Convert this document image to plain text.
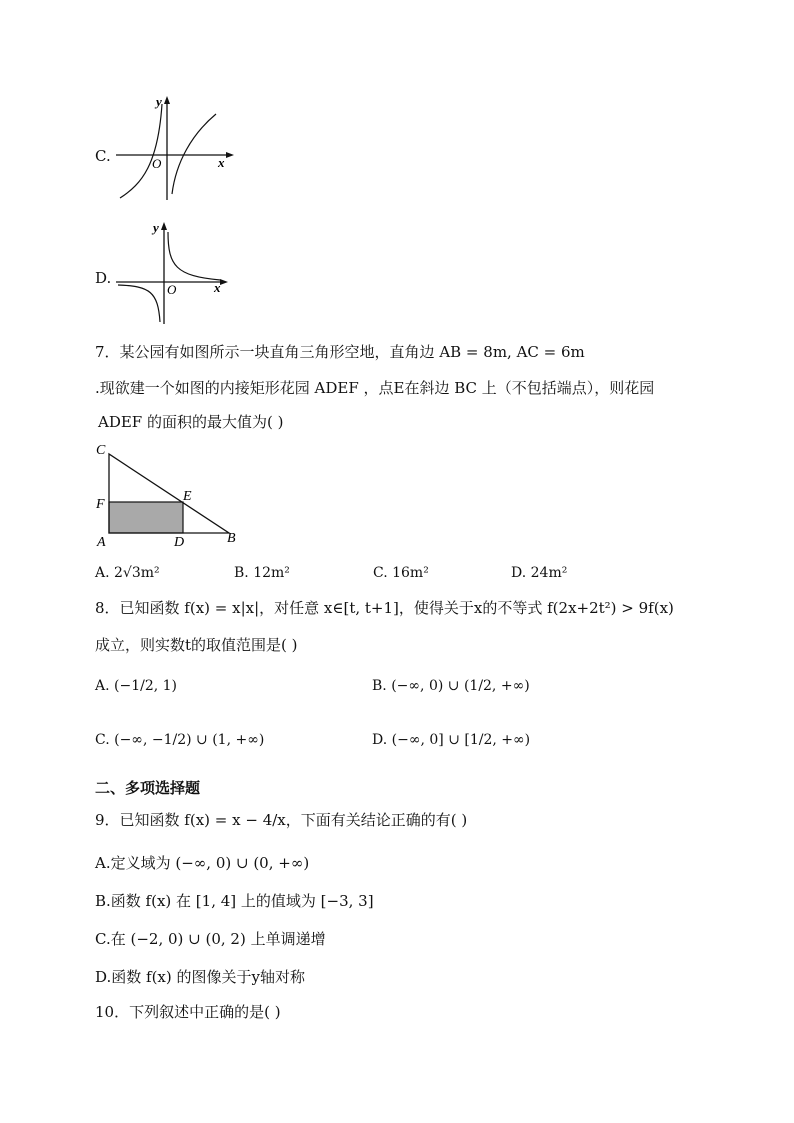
C.
y
x
O
D.
y
x
O
7．某公园有如图所示一块直角三角形空地，直角边 AB = 8m, AC = 6m
.现欲建一个如图的内接矩形花园 ADEF ，点E在斜边 BC 上（不包括端点），则花园
ADEF 的面积的最大值为( )
C
F
E
A	D	B
A. 2√3m²	B. 12m²	C. 16m²	D. 24m²
8．已知函数 f(x) = x|x|，对任意 x∈[t, t+1]，使得关于x的不等式 f(2x+2t²) > 9f(x)
成立，则实数t的取值范围是( )
A. (−1/2, 1)	B. (−∞, 0) ∪ (1/2, +∞)
C. (−∞, −1/2) ∪ (1, +∞)	D. (−∞, 0] ∪ [1/2, +∞)
二、多项选择题
9．已知函数 f(x) = x − 4/x，下面有关结论正确的有( )
A.定义域为 (−∞, 0) ∪ (0, +∞)
B.函数 f(x) 在 [1, 4] 上的值域为 [−3, 3]
C.在 (−2, 0) ∪ (0, 2) 上单调递增
D.函数 f(x) 的图像关于y轴对称
10．下列叙述中正确的是( )
